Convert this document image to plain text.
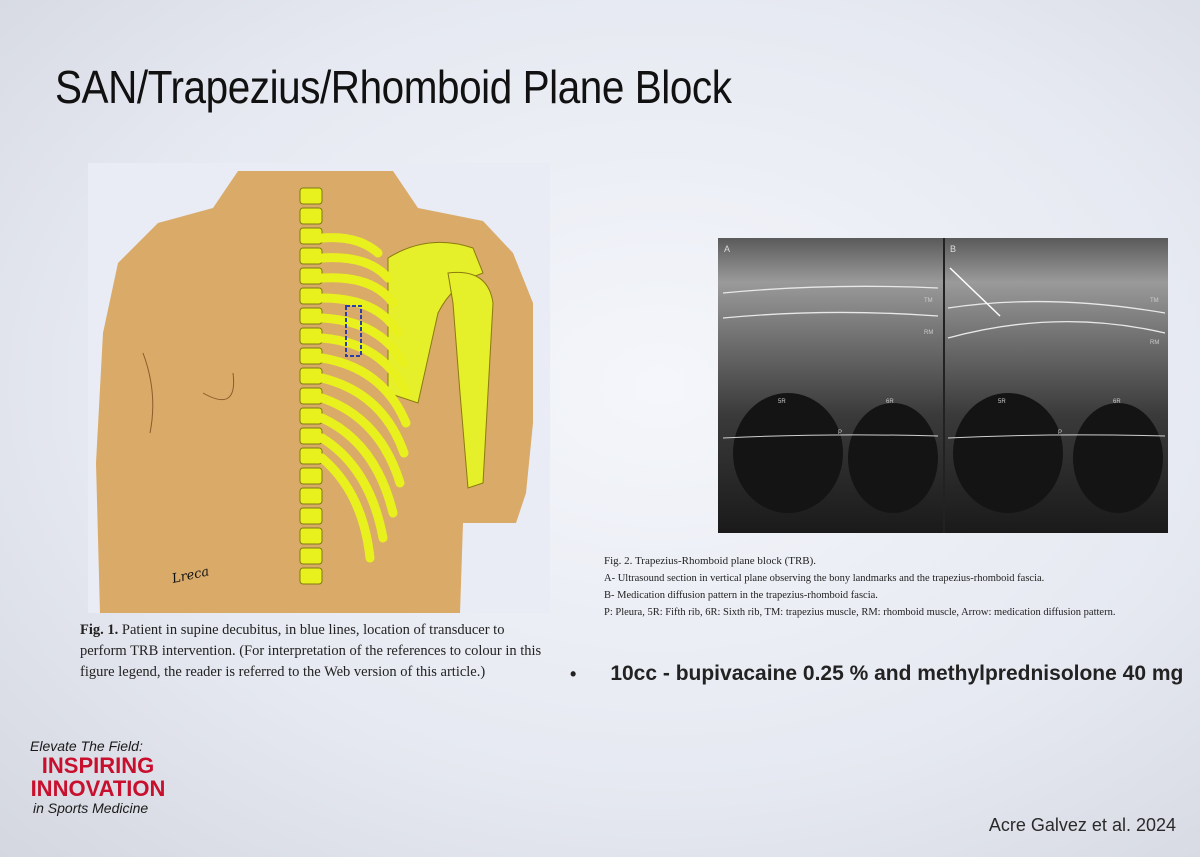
SAN/Trapezius/Rhomboid Plane Block
Lreca
Fig. 1. Patient in supine decubitus, in blue lines, location of transducer to perform TRB intervention. (For interpretation of the references to colour in this figure legend, the reader is referred to the Web version of this article.)
A	B
TM
RM
TM
RM
5R	6R	5R	6R
P	P
Fig. 2. Trapezius-Rhomboid plane block (TRB).
A- Ultrasound section in vertical plane observing the bony landmarks and the trapezius-rhomboid fascia.
B- Medication diffusion pattern in the trapezius-rhomboid fascia.
P: Pleura, 5R: Fifth rib, 6R: Sixth rib, TM: trapezius muscle, RM: rhomboid muscle, Arrow: medication diffusion pattern.
• 10cc - bupivacaine 0.25 % and methylprednisolone 40 mg
Elevate The Field:
INSPIRING
INNOVATION
in Sports Medicine
Acre Galvez et al. 2024
